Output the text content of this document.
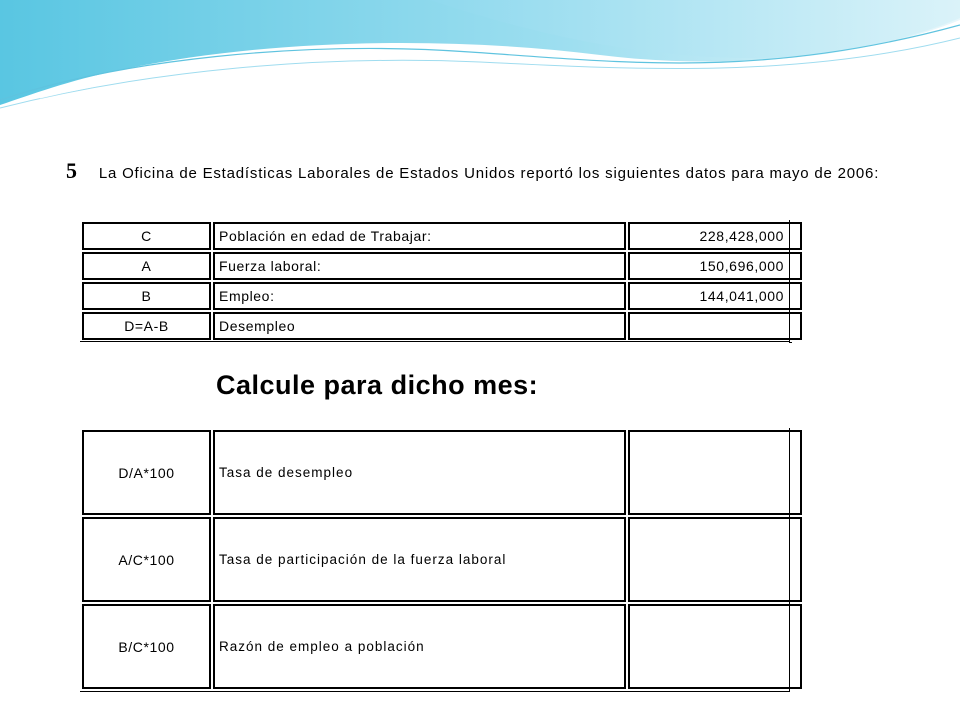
5	La Oficina de Estadísticas Laborales de Estados Unidos reportó los siguientes datos para mayo de 2006:
C	Población en edad de Trabajar:	228,428,000
A	Fuerza laboral:	150,696,000
B	Empleo:	144,041,000
D=A-B	Desempleo	
Calcule para dicho mes:
D/A*100	Tasa de desempleo	
A/C*100	Tasa de participación de la fuerza laboral	
B/C*100	Razón de empleo a población	
